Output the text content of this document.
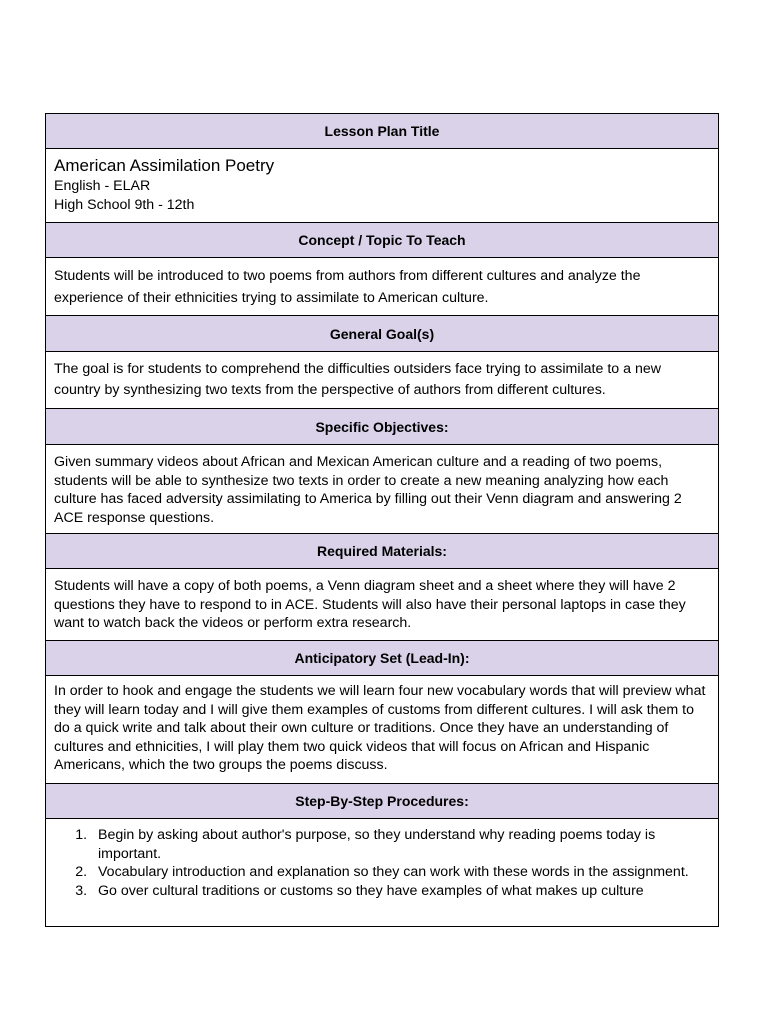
Lesson Plan Title

American Assimilation Poetry
English - ELAR
High School 9th - 12th

Concept / Topic To Teach

Students will be introduced to two poems from authors from different cultures and analyze the experience of their ethnicities trying to assimilate to American culture.

General Goal(s)

The goal is for students to comprehend the difficulties outsiders face trying to assimilate to a new country by synthesizing two texts from the perspective of authors from different cultures.

Specific Objectives:

Given summary videos about African and Mexican American culture and a reading of two poems, students will be able to synthesize two texts in order to create a new meaning analyzing how each culture has faced adversity assimilating to America by filling out their Venn diagram and answering 2 ACE response questions.

Required Materials:

Students will have a copy of both poems, a Venn diagram sheet and a sheet where they will have 2 questions they have to respond to in ACE. Students will also have their personal laptops in case they want to watch back the videos or perform extra research.

Anticipatory Set (Lead-In):

In order to hook and engage the students we will learn four new vocabulary words that will preview what they will learn today and I will give them examples of customs from different cultures. I will ask them to do a quick write and talk about their own culture or traditions. Once they have an understanding of cultures and ethnicities, I will play them two quick videos that will focus on African and Hispanic Americans, which the two groups the poems discuss.

Step-By-Step Procedures:

1. Begin by asking about author's purpose, so they understand why reading poems today is important.
2. Vocabulary introduction and explanation so they can work with these words in the assignment.
3. Go over cultural traditions or customs so they have examples of what makes up culture
